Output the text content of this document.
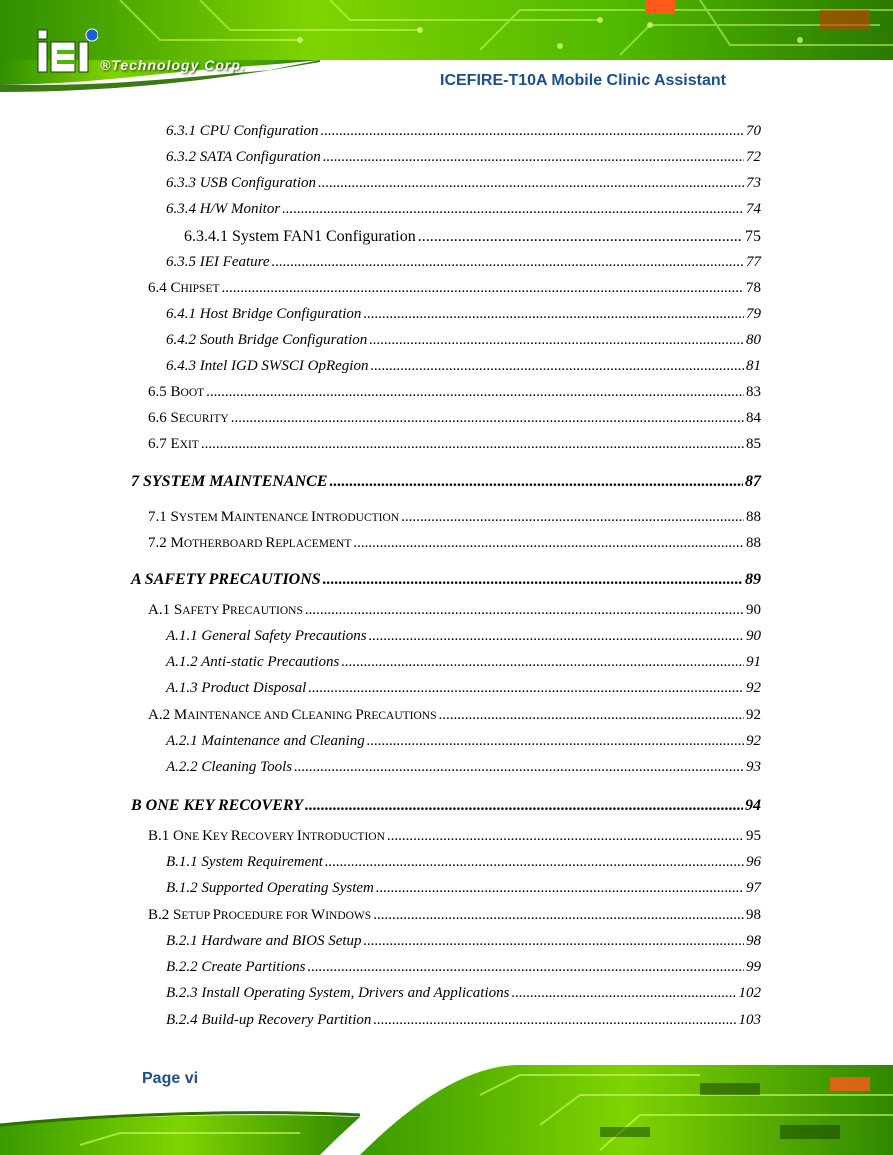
®Technology Corp.
ICEFIRE-T10A Mobile Clinic Assistant
6.3.1 CPU Configuration .....	70
6.3.2 SATA Configuration .....	72
6.3.3 USB Configuration .....	73
6.3.4 H/W Monitor .....	74
6.3.4.1 System FAN1 Configuration .....	75
6.3.5 IEI Feature .....	77
6.4 CHIPSET .....	78
6.4.1 Host Bridge Configuration .....	79
6.4.2 South Bridge Configuration .....	80
6.4.3 Intel IGD SWSCI OpRegion .....	81
6.5 BOOT .....	83
6.6 SECURITY .....	84
6.7 EXIT .....	85
7 SYSTEM MAINTENANCE .....	87
7.1 SYSTEM MAINTENANCE INTRODUCTION .....	88
7.2 MOTHERBOARD REPLACEMENT .....	88
A SAFETY PRECAUTIONS .....	89
A.1 SAFETY PRECAUTIONS .....	90
A.1.1 General Safety Precautions .....	90
A.1.2 Anti-static Precautions .....	91
A.1.3 Product Disposal .....	92
A.2 MAINTENANCE AND CLEANING PRECAUTIONS .....	92
A.2.1 Maintenance and Cleaning .....	92
A.2.2 Cleaning Tools .....	93
B ONE KEY RECOVERY .....	94
B.1 ONE KEY RECOVERY INTRODUCTION .....	95
B.1.1 System Requirement .....	96
B.1.2 Supported Operating System .....	97
B.2 SETUP PROCEDURE FOR WINDOWS .....	98
B.2.1 Hardware and BIOS Setup .....	98
B.2.2 Create Partitions .....	99
B.2.3 Install Operating System, Drivers and Applications .....	102
B.2.4 Build-up Recovery Partition .....	103
Page vi
